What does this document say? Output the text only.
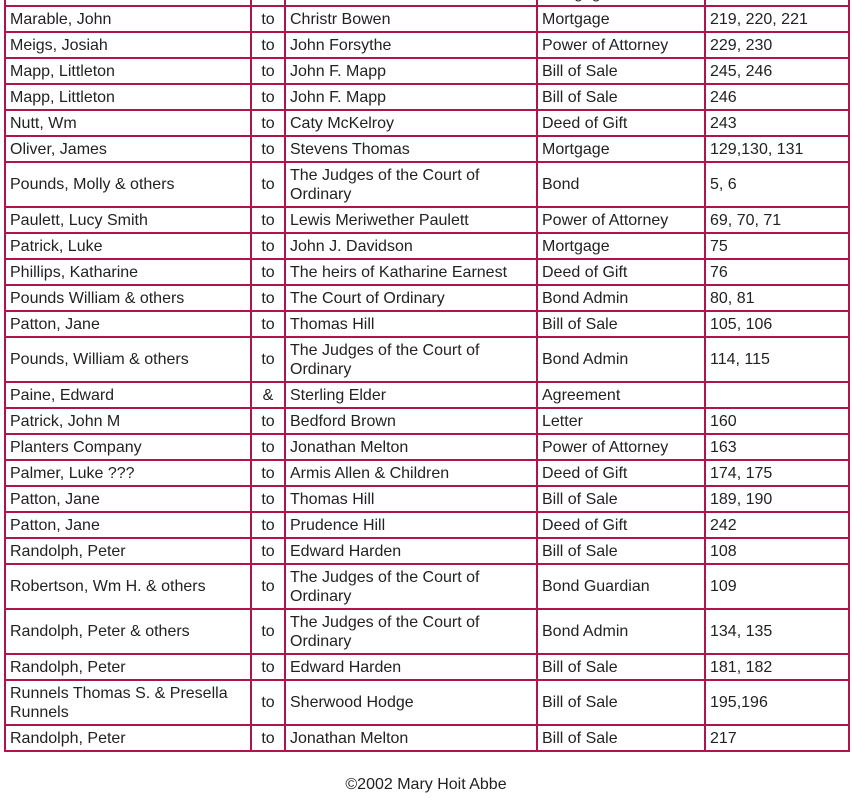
Marable, John	to	Christr Bowen	Mortgage	219, 220, 221
Meigs, Josiah	to	John Forsythe	Power of Attorney	229, 230
Mapp, Littleton	to	John F. Mapp	Bill of Sale	245, 246
Mapp, Littleton	to	John F. Mapp	Bill of Sale	246
Nutt, Wm	to	Caty McKelroy	Deed of Gift	243
Oliver, James	to	Stevens Thomas	Mortgage	129,130, 131
Pounds, Molly & others	to	The Judges of the Court of Ordinary	Bond	5, 6
Paulett, Lucy Smith	to	Lewis Meriwether Paulett	Power of Attorney	69, 70, 71
Patrick, Luke	to	John J. Davidson	Mortgage	75
Phillips, Katharine	to	The heirs of Katharine Earnest	Deed of Gift	76
Pounds William & others	to	The Court of Ordinary	Bond Admin	80, 81
Patton, Jane	to	Thomas Hill	Bill of Sale	105, 106
Pounds, William & others	to	The Judges of the Court of Ordinary	Bond Admin	114, 115
Paine, Edward	&	Sterling Elder	Agreement	
Patrick, John M	to	Bedford Brown	Letter	160
Planters Company	to	Jonathan Melton	Power of Attorney	163
Palmer, Luke ???	to	Armis Allen & Children	Deed of Gift	174, 175
Patton, Jane	to	Thomas Hill	Bill of Sale	189, 190
Patton, Jane	to	Prudence Hill	Deed of Gift	242
Randolph, Peter	to	Edward Harden	Bill of Sale	108
Robertson, Wm H. & others	to	The Judges of the Court of Ordinary	Bond Guardian	109
Randolph, Peter & others	to	The Judges of the Court of Ordinary	Bond Admin	134, 135
Randolph, Peter	to	Edward Harden	Bill of Sale	181, 182
Runnels Thomas S. & Presella Runnels	to	Sherwood Hodge	Bill of Sale	195,196
Randolph, Peter	to	Jonathan Melton	Bill of Sale	217
©2002 Mary Hoit Abbe
